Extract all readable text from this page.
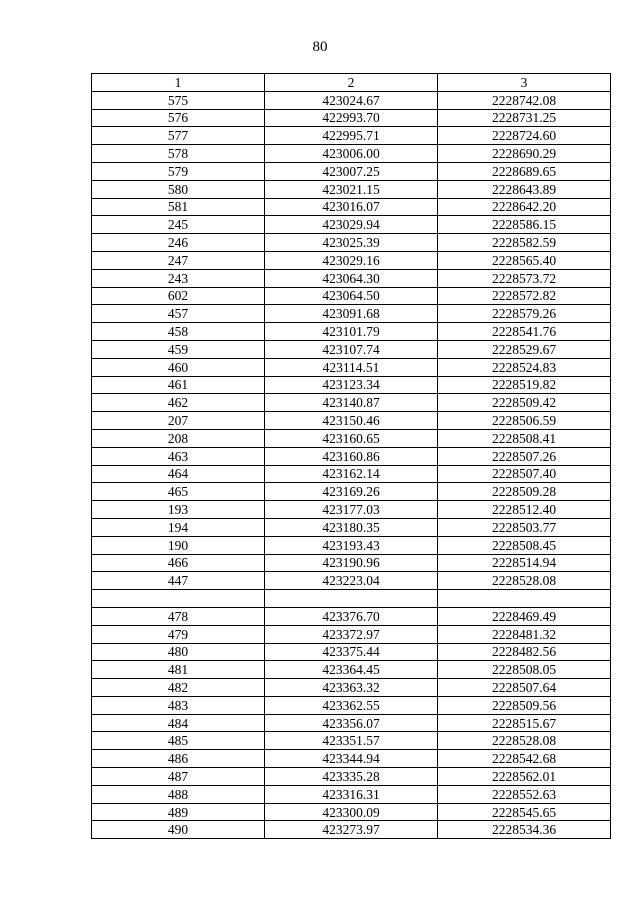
80
1	2	3
575	423024.67	2228742.08
576	422993.70	2228731.25
577	422995.71	2228724.60
578	423006.00	2228690.29
579	423007.25	2228689.65
580	423021.15	2228643.89
581	423016.07	2228642.20
245	423029.94	2228586.15
246	423025.39	2228582.59
247	423029.16	2228565.40
243	423064.30	2228573.72
602	423064.50	2228572.82
457	423091.68	2228579.26
458	423101.79	2228541.76
459	423107.74	2228529.67
460	423114.51	2228524.83
461	423123.34	2228519.82
462	423140.87	2228509.42
207	423150.46	2228506.59
208	423160.65	2228508.41
463	423160.86	2228507.26
464	423162.14	2228507.40
465	423169.26	2228509.28
193	423177.03	2228512.40
194	423180.35	2228503.77
190	423193.43	2228508.45
466	423190.96	2228514.94
447	423223.04	2228528.08

478	423376.70	2228469.49
479	423372.97	2228481.32
480	423375.44	2228482.56
481	423364.45	2228508.05
482	423363.32	2228507.64
483	423362.55	2228509.56
484	423356.07	2228515.67
485	423351.57	2228528.08
486	423344.94	2228542.68
487	423335.28	2228562.01
488	423316.31	2228552.63
489	423300.09	2228545.65
490	423273.97	2228534.36
